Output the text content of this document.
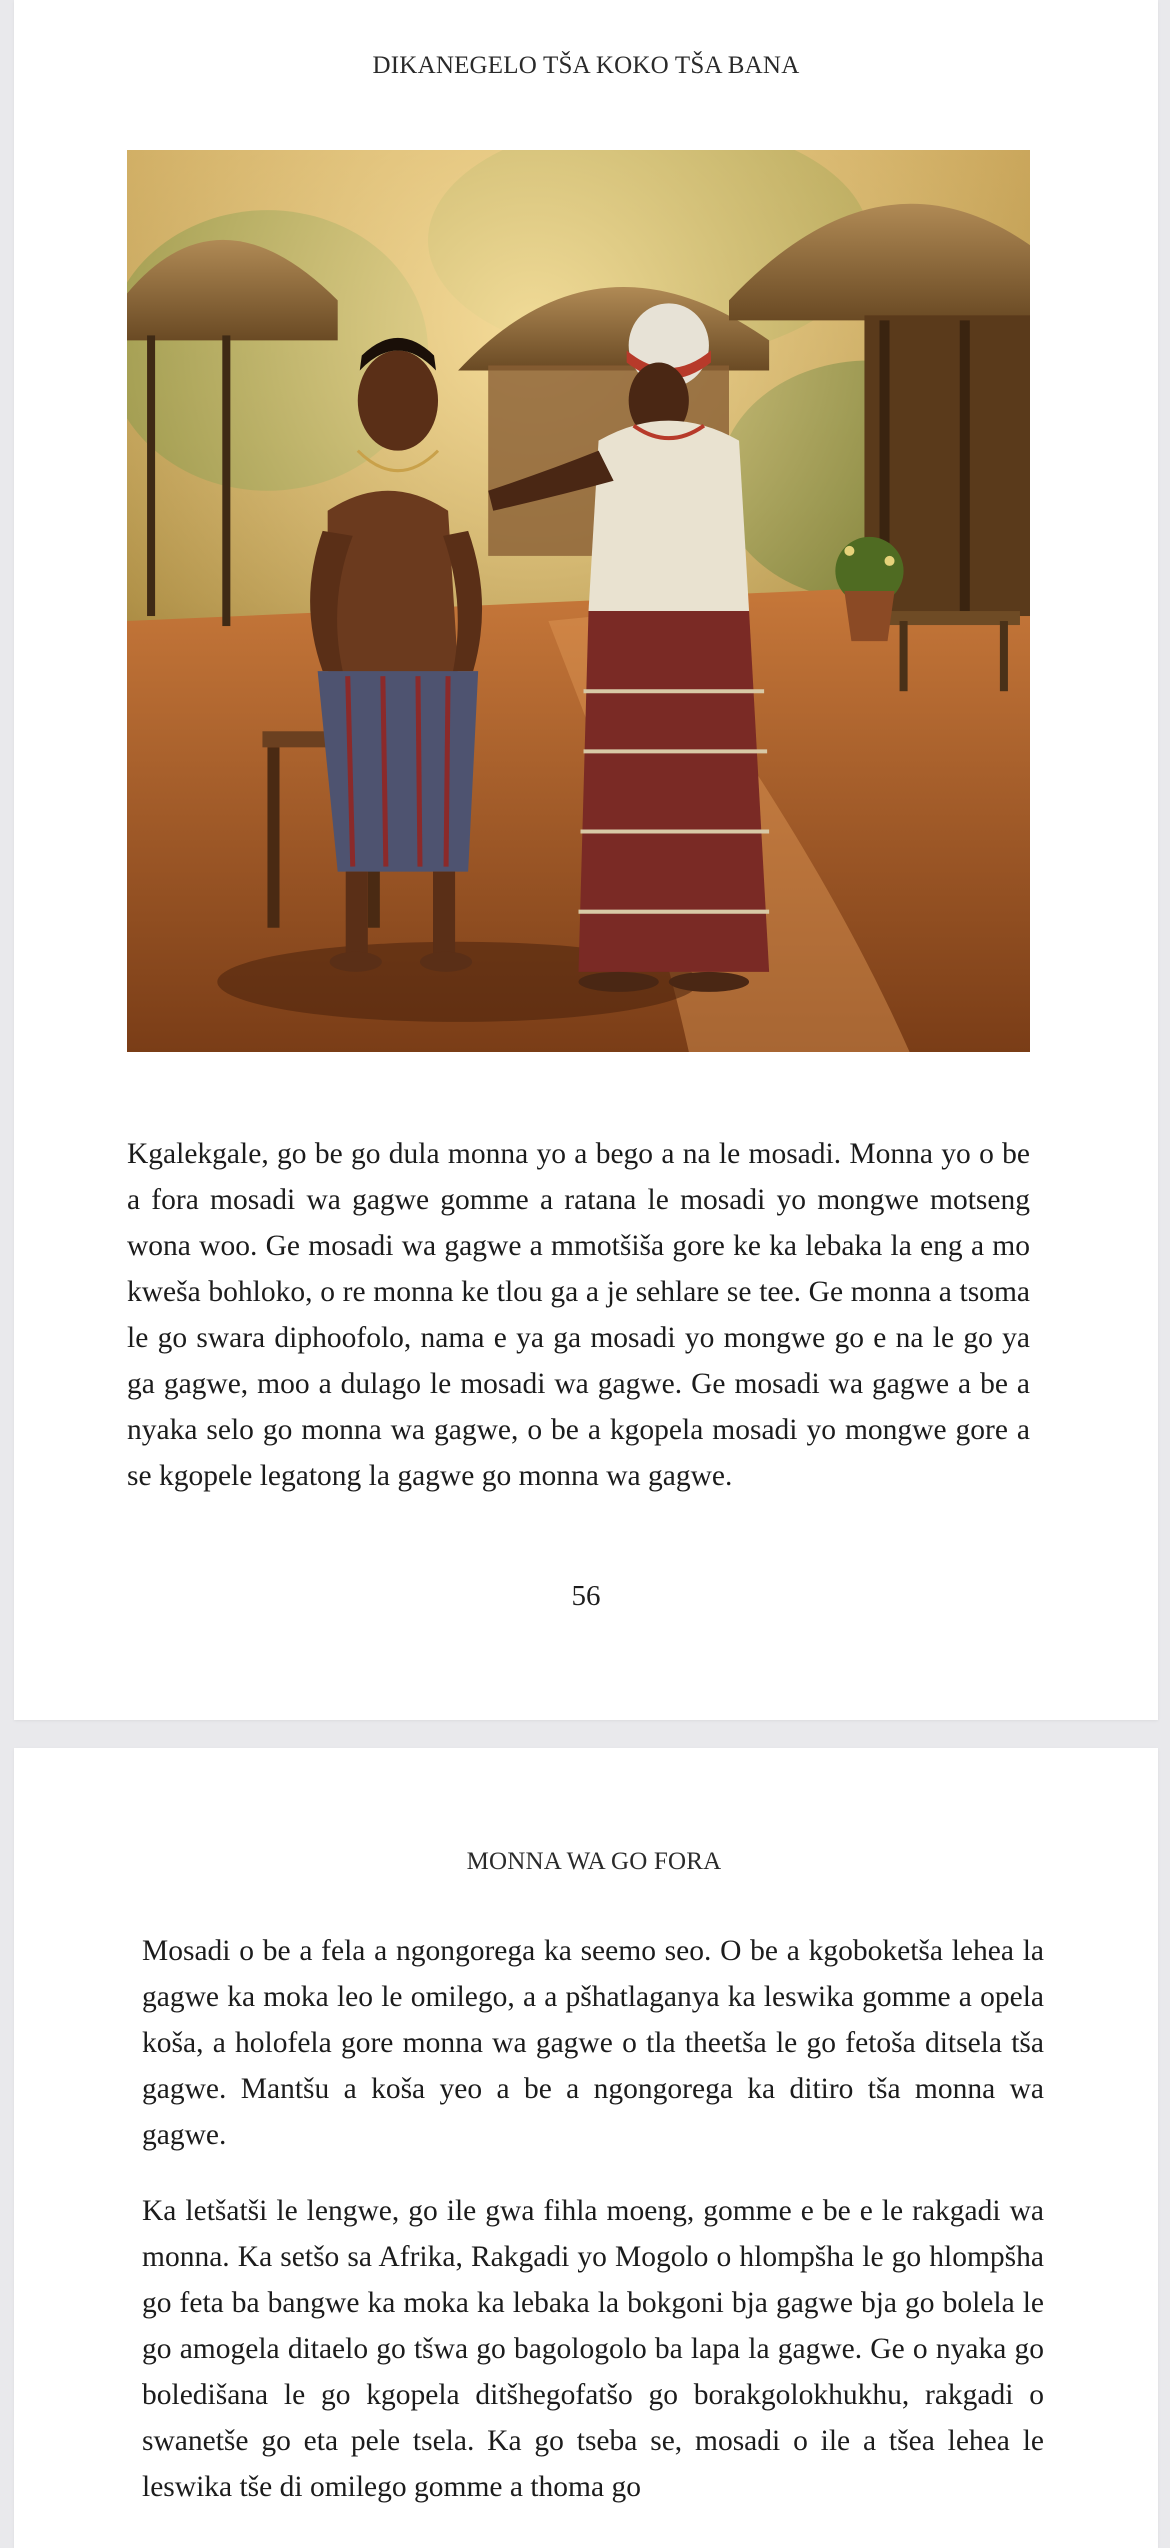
DIKANEGELO TŠA KOKO TŠA BANA
Kgalekgale, go be go dula monna yo a bego a na le mosadi. Monna yo o be a fora mosadi wa gagwe gomme a ratana le mosadi yo mongwe motseng wona woo. Ge mosadi wa gagwe a mmotšiša gore ke ka lebaka la eng a mo kweša bohloko, o re monna ke tlou ga a je sehlare se tee. Ge monna a tsoma le go swara diphoofolo, nama e ya ga mosadi yo mongwe go e na le go ya ga gagwe, moo a dulago le mosadi wa gagwe. Ge mosadi wa gagwe a be a nyaka selo go monna wa gagwe, o be a kgopela mosadi yo mongwe gore a se kgopele legatong la gagwe go monna wa gagwe.
56
MONNA WA GO FORA
Mosadi o be a fela a ngongorega ka seemo seo. O be a kgoboketša lehea la gagwe ka moka leo le omilego, a a pšhatlaganya ka leswika gomme a opela koša, a holofela gore monna wa gagwe o tla theetša le go fetoša ditsela tša gagwe. Mantšu a koša yeo a be a ngongorega ka ditiro tša monna wa gagwe.
Ka letšatši le lengwe, go ile gwa fihla moeng, gomme e be e le rakgadi wa monna. Ka setšo sa Afrika, Rakgadi yo Mogolo o hlompšha le go hlompšha go feta ba bangwe ka moka ka lebaka la bokgoni bja gagwe bja go bolela le go amogela ditaelo go tšwa go bagologolo ba lapa la gagwe. Ge o nyaka go boledišana le go kgopela ditšhegofatšo go borakgolokhukhu, rakgadi o swanetše go eta pele tsela. Ka go tseba se, mosadi o ile a tšea lehea le leswika tše di omilego gomme a thoma go
